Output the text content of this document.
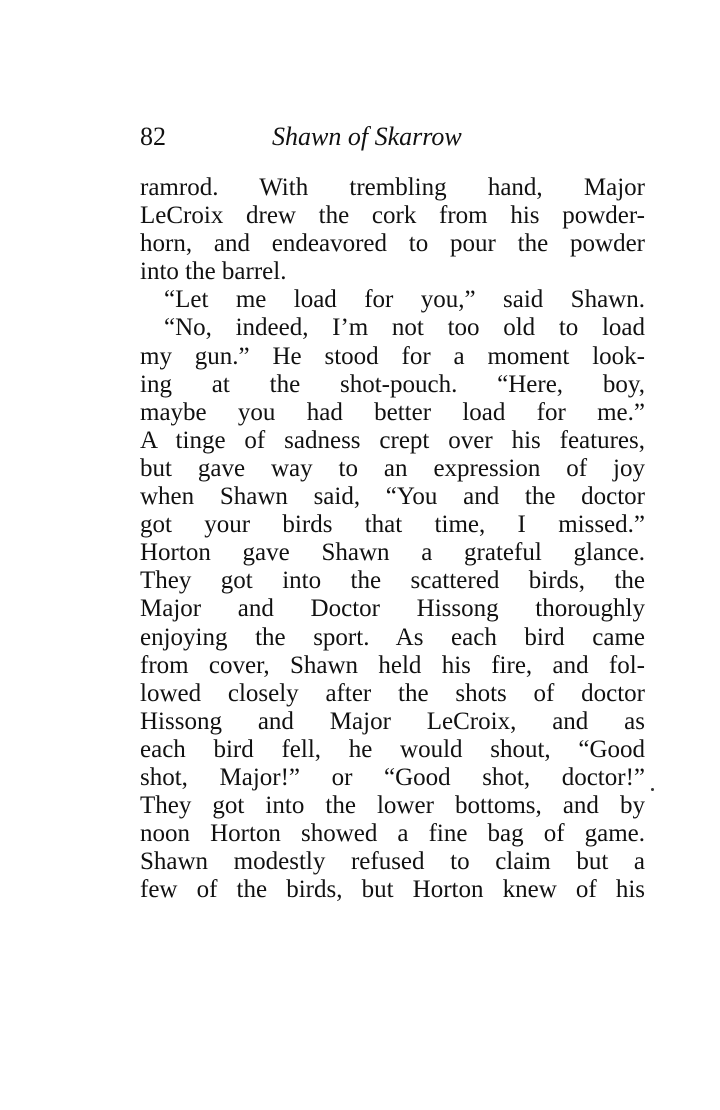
82	Shawn of Skarrow
ramrod. With trembling hand, Major
LeCroix drew the cork from his powder-
horn, and endeavored to pour the powder
into the barrel.
“Let me load for you,” said Shawn.
“No, indeed, I’m not too old to load
my gun.” He stood for a moment look-
ing at the shot-pouch. “Here, boy,
maybe you had better load for me.”
A tinge of sadness crept over his features,
but gave way to an expression of joy
when Shawn said, “You and the doctor
got your birds that time, I missed.”
Horton gave Shawn a grateful glance.
They got into the scattered birds, the
Major and Doctor Hissong thoroughly
enjoying the sport. As each bird came
from cover, Shawn held his fire, and fol-
lowed closely after the shots of doctor
Hissong and Major LeCroix, and as
each bird fell, he would shout, “Good
shot, Major!” or “Good shot, doctor!”
They got into the lower bottoms, and by
noon Horton showed a fine bag of game.
Shawn modestly refused to claim but a
few of the birds, but Horton knew of his
